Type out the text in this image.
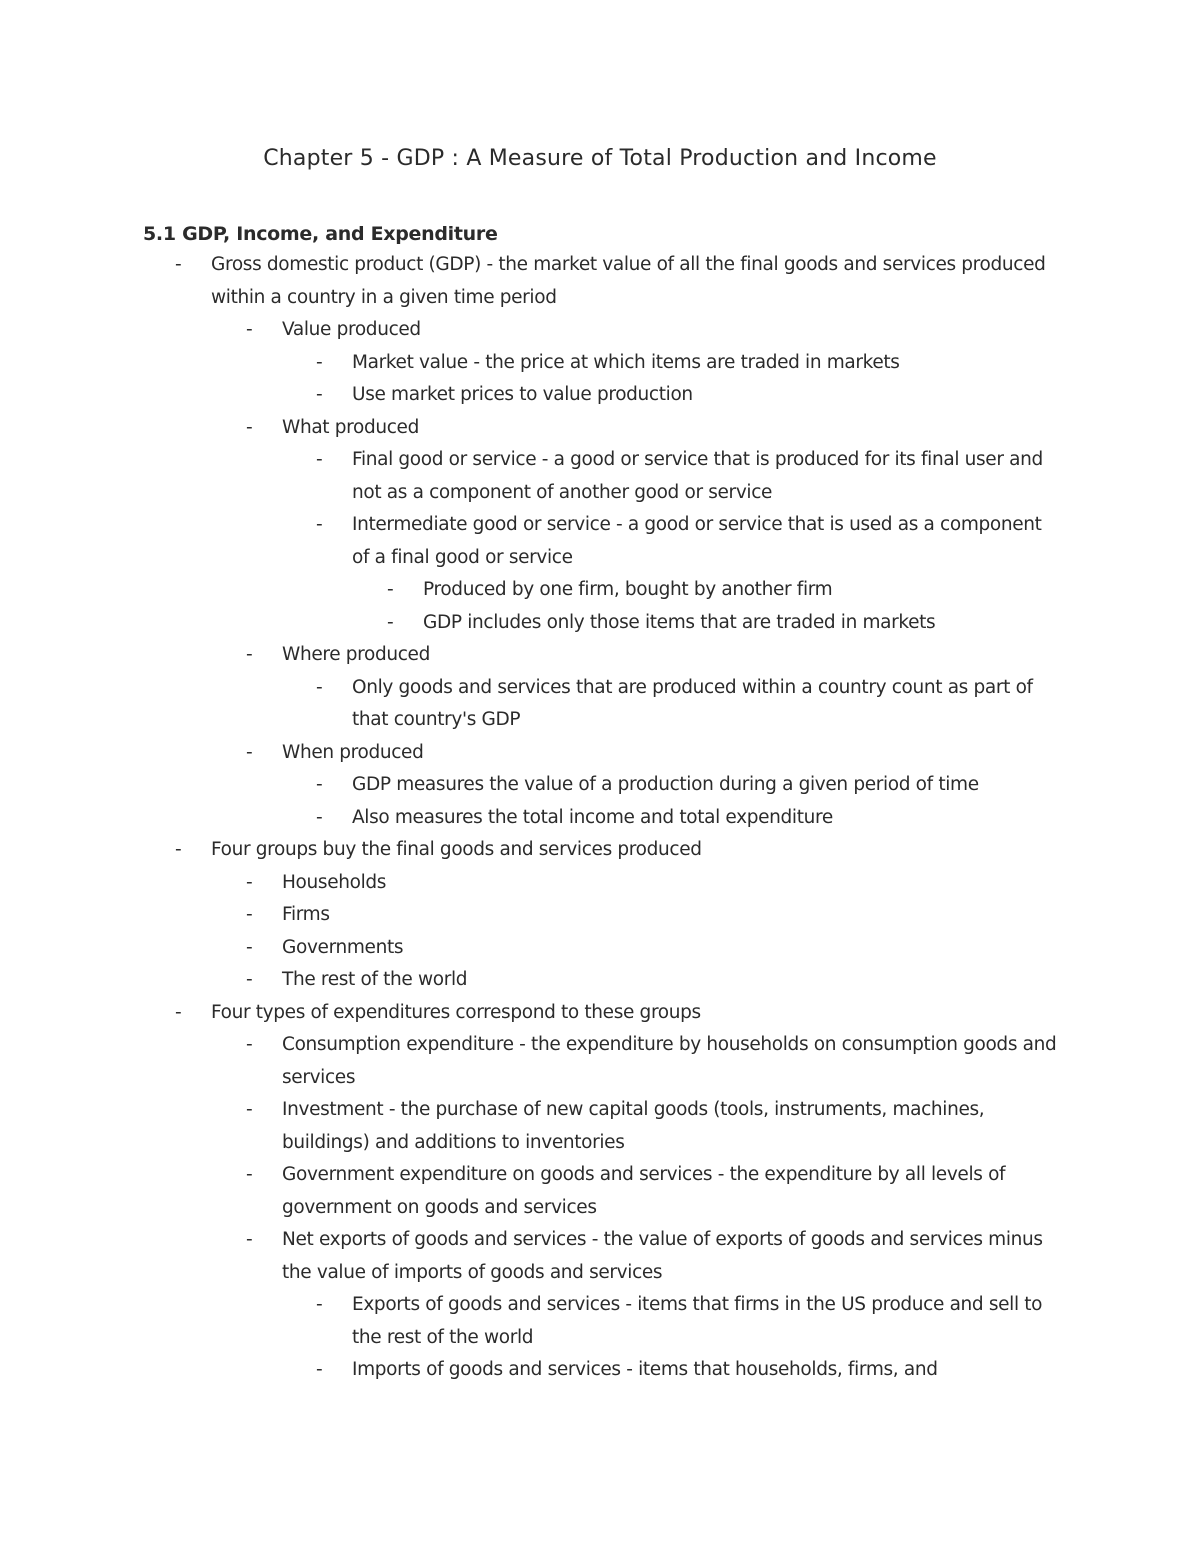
Chapter 5 - GDP : A Measure of Total Production and Income
5.1 GDP, Income, and Expenditure
- Gross domestic product (GDP) - the market value of all the final goods and services produced within a country in a given time period
- Value produced
- Market value - the price at which items are traded in markets
- Use market prices to value production
- What produced
- Final good or service - a good or service that is produced for its final user and not as a component of another good or service
- Intermediate good or service - a good or service that is used as a component of a final good or service
- Produced by one firm, bought by another firm
- GDP includes only those items that are traded in markets
- Where produced
- Only goods and services that are produced within a country count as part of that country's GDP
- When produced
- GDP measures the value of a production during a given period of time
- Also measures the total income and total expenditure
- Four groups buy the final goods and services produced
- Households
- Firms
- Governments
- The rest of the world
- Four types of expenditures correspond to these groups
- Consumption expenditure - the expenditure by households on consumption goods and services
- Investment - the purchase of new capital goods (tools, instruments, machines, buildings) and additions to inventories
- Government expenditure on goods and services - the expenditure by all levels of government on goods and services
- Net exports of goods and services - the value of exports of goods and services minus the value of imports of goods and services
- Exports of goods and services - items that firms in the US produce and sell to the rest of the world
- Imports of goods and services - items that households, firms, and
